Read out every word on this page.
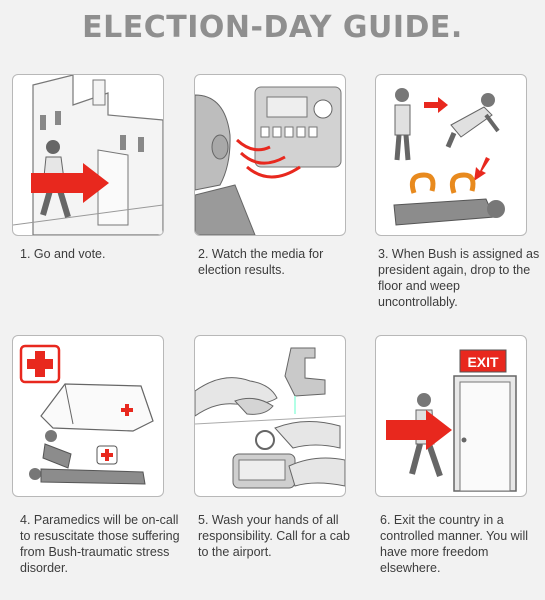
ELECTION-DAY GUIDE.
1. Go and vote.	2. Watch the media for election results.
3. When Bush is assigned as president again, drop to the floor and weep uncontrollably.
4. Paramedics will be on-call to resuscitate those suffering from Bush-traumatic stress disorder.
5. Wash your hands of all responsibility. Call for a cab to the airport.
EXIT
6. Exit the country in a controlled manner. You will have more freedom elsewhere.
